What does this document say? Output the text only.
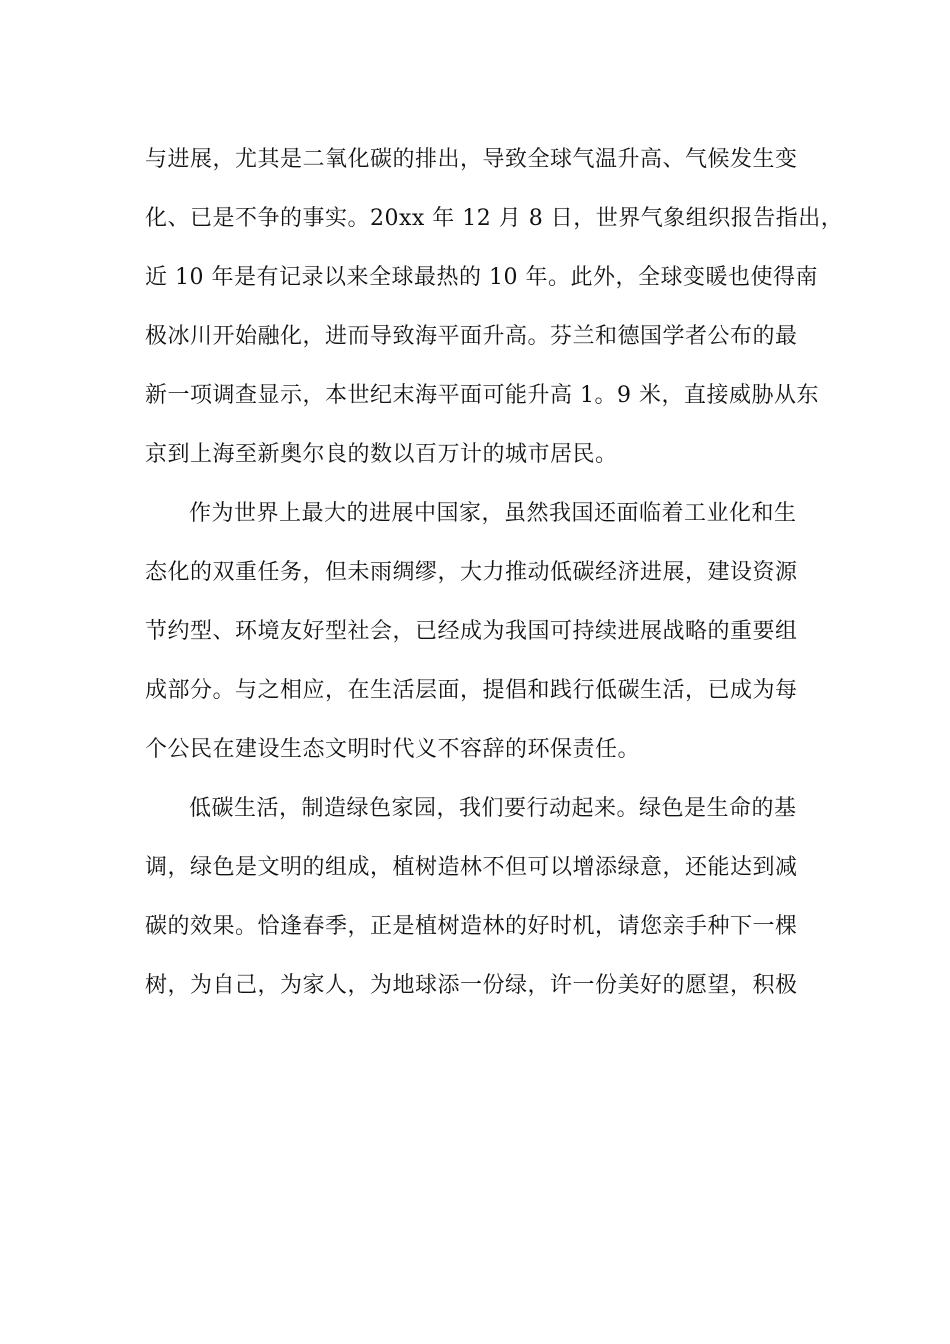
与进展，尤其是二氧化碳的排出，导致全球气温升高、气候发生变
化、已是不争的事实。20xx 年 12 月 8 日，世界气象组织报告指出，
近 10 年是有记录以来全球最热的 10 年。此外，全球变暖也使得南
极冰川开始融化，进而导致海平面升高。芬兰和德国学者公布的最
新一项调查显示，本世纪末海平面可能升高 1。9 米，直接威胁从东
京到上海至新奥尔良的数以百万计的城市居民。

作为世界上最大的进展中国家，虽然我国还面临着工业化和生
态化的双重任务，但未雨绸缪，大力推动低碳经济进展，建设资源
节约型、环境友好型社会，已经成为我国可持续进展战略的重要组
成部分。与之相应，在生活层面，提倡和践行低碳生活，已成为每
个公民在建设生态文明时代义不容辞的环保责任。

低碳生活，制造绿色家园，我们要行动起来。绿色是生命的基
调，绿色是文明的组成，植树造林不但可以增添绿意，还能达到减
碳的效果。恰逢春季，正是植树造林的好时机，请您亲手种下一棵
树，为自己，为家人，为地球添一份绿，许一份美好的愿望，积极
